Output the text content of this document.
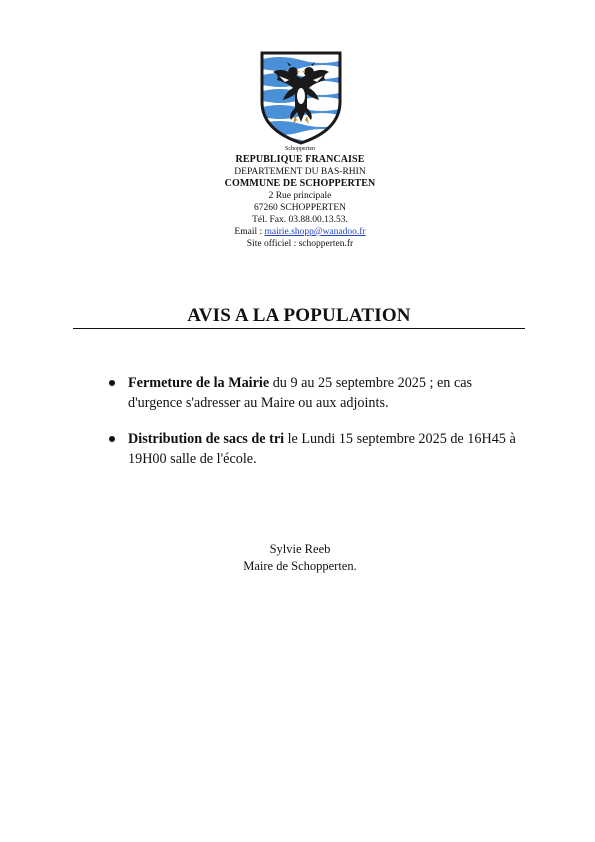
Schopperten
REPUBLIQUE FRANCAISE
DEPARTEMENT DU BAS-RHIN
COMMUNE DE SCHOPPERTEN
2 Rue principale
67260 SCHOPPERTEN
Tél. Fax. 03.88.00.13.53.
Email : mairie.shopp@wanadoo.fr
Site officiel : schopperten.fr
AVIS A LA POPULATION
Fermeture de la Mairie du 9 au 25 septembre 2025 ; en cas d'urgence s'adresser au Maire ou aux adjoints.
Distribution de sacs de tri le Lundi 15 septembre 2025 de 16H45 à 19H00 salle de l'école.
Sylvie Reeb
Maire de Schopperten.
